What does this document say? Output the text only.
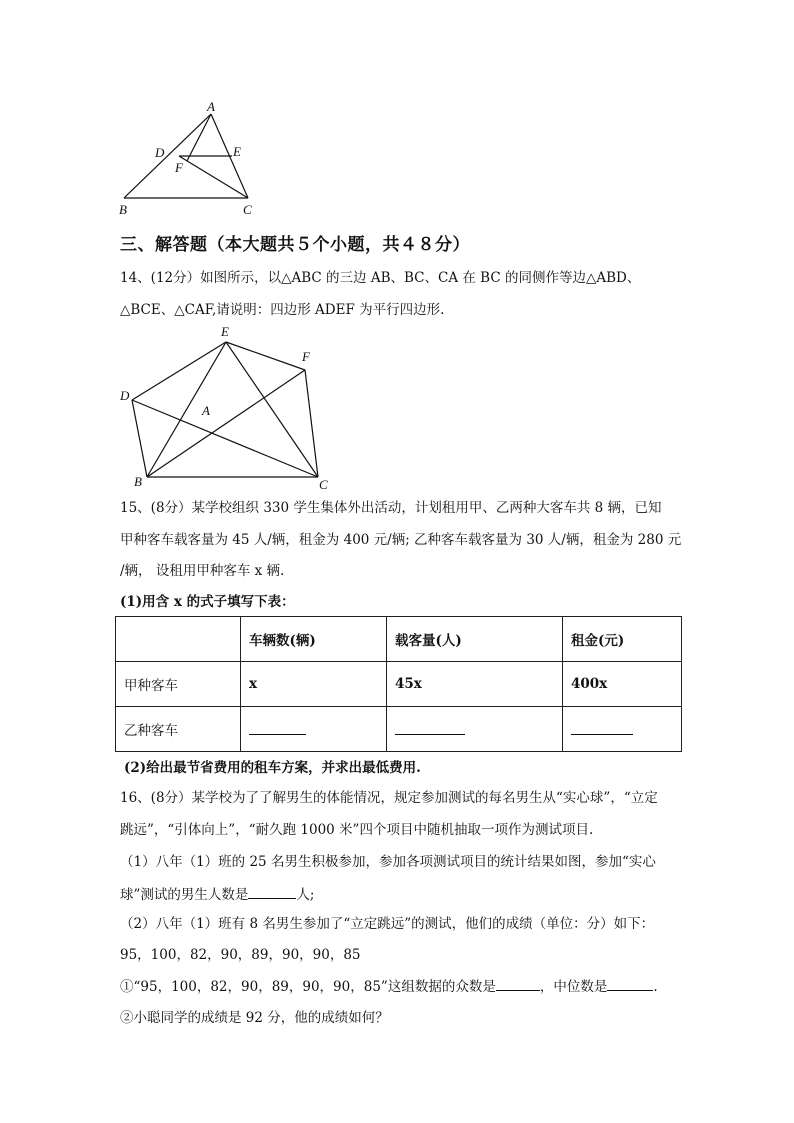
A
D	E
F
B	C
三、解答题（本大题共５个小题，共４８分）
14、(12分）如图所示，以△ABC 的三边 AB、BC、CA 在 BC 的同侧作等边△ABD、
△BCE、△CAF,请说明：四边形 ADEF 为平行四边形.
E
F
D
A
B	C
15、(8分）某学校组织 330 学生集体外出活动，计划租用甲、乙两种大客车共 8 辆，已知
甲种客车载客量为 45 人/辆，租金为 400 元/辆; 乙种客车载客量为 30 人/辆，租金为 280 元
/辆， 设租用甲种客车 x 辆.
(1)用含 x 的式子填写下表：
	车辆数(辆)	载客量(人)	租金(元)
甲种客车	x	45x	400x
乙种客车			
(2)给出最节省费用的租车方案，并求出最低费用.
16、(8分）某学校为了了解男生的体能情况，规定参加测试的每名男生从“实心球”，“立定
跳远”，“引体向上”，“耐久跑 1000 米”四个项目中随机抽取一项作为测试项目.
（1）八年（1）班的 25 名男生积极参加，参加各项测试项目的统计结果如图，参加“实心
球”测试的男生人数是	人;
（2）八年（1）班有 8 名男生参加了“立定跳远”的测试，他们的成绩（单位：分）如下：
95，100，82，90，89，90，90，85
①“95，100，82，90，89，90，90，85”这组数据的众数是	，中位数是	.
②小聪同学的成绩是 92 分，他的成绩如何？
